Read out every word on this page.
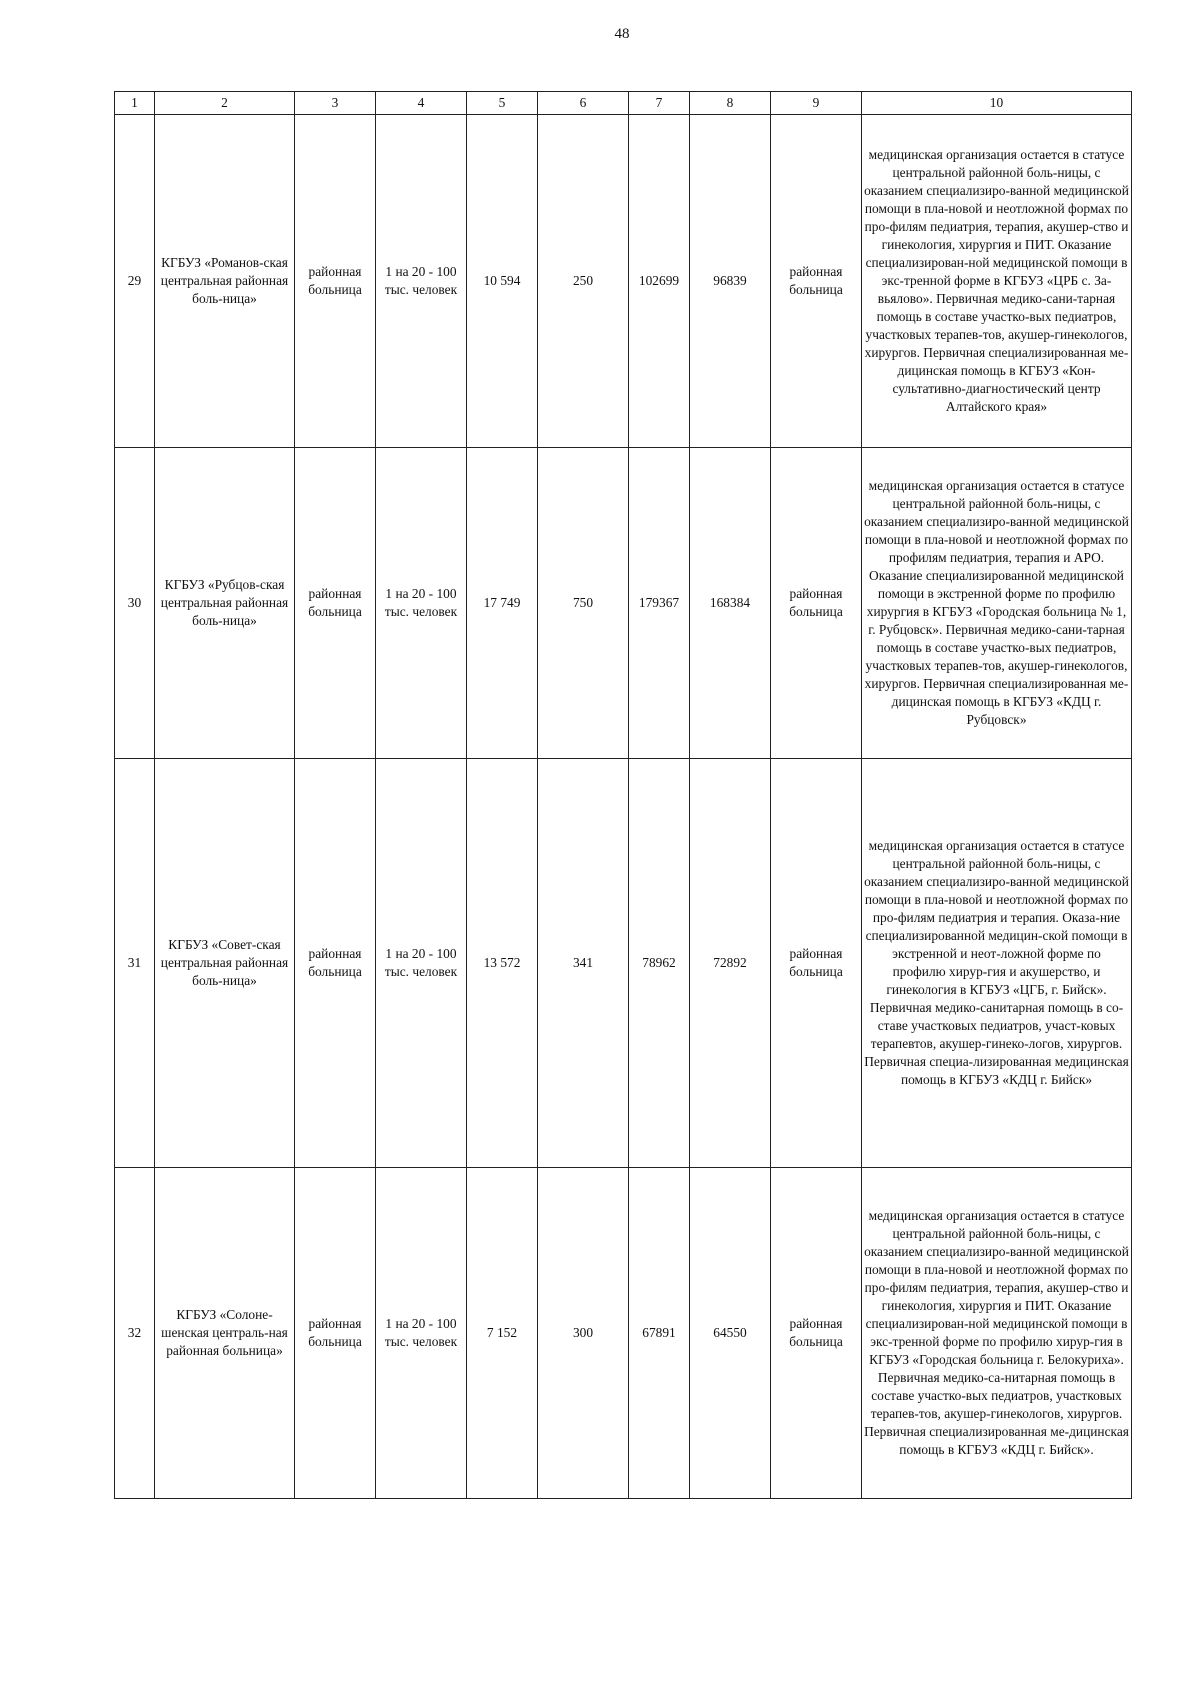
48
1	2	3	4	5	6	7	8	9	10
29	КГБУЗ «Романов-ская центральная районная боль-ница»	районная больница	1 на 20 - 100 тыс. человек	10 594	250	102699	96839	районная больница	медицинская организация остается в статусе центральной районной боль-ницы, с оказанием специализиро-ванной медицинской помощи в пла-новой и неотложной формах по про-филям педиатрия, терапия, акушер-ство и гинекология, хирургия и ПИТ. Оказание специализирован-ной медицинской помощи в экс-тренной форме в КГБУЗ «ЦРБ с. За-вьялово». Первичная медико-сани-тарная помощь в составе участко-вых педиатров, участковых терапев-тов, акушер-гинекологов, хирургов. Первичная специализированная ме-дицинская помощь в КГБУЗ «Кон-сультативно-диагностический центр Алтайского края»
30	КГБУЗ «Рубцов-ская центральная районная боль-ница»	районная больница	1 на 20 - 100 тыс. человек	17 749	750	179367	168384	районная больница	медицинская организация остается в статусе центральной районной боль-ницы, с оказанием специализиро-ванной медицинской помощи в пла-новой и неотложной формах по профилям педиатрия, терапия и АРО. Оказание специализированной медицинской помощи в экстренной форме по профилю хирургия в КГБУЗ «Городская больница № 1, г. Рубцовск». Первичная медико-сани-тарная помощь в составе участко-вых педиатров, участковых терапев-тов, акушер-гинекологов, хирургов. Первичная специализированная ме-дицинская помощь в КГБУЗ «КДЦ г. Рубцовск»
31	КГБУЗ «Совет-ская центральная районная боль-ница»	районная больница	1 на 20 - 100 тыс. человек	13 572	341	78962	72892	районная больница	медицинская организация остается в статусе центральной районной боль-ницы, с оказанием специализиро-ванной медицинской помощи в пла-новой и неотложной формах по про-филям педиатрия и терапия. Оказа-ние специализированной медицин-ской помощи в экстренной и неот-ложной форме по профилю хирур-гия и акушерство, и гинекология в КГБУЗ «ЦГБ, г. Бийск». Первичная медико-санитарная помощь в со-ставе участковых педиатров, участ-ковых терапевтов, акушер-гинеко-логов, хирургов. Первичная специа-лизированная медицинская помощь в КГБУЗ «КДЦ г. Бийск»
32	КГБУЗ «Солоне-шенская централь-ная районная больница»	районная больница	1 на 20 - 100 тыс. человек	7 152	300	67891	64550	районная больница	медицинская организация остается в статусе центральной районной боль-ницы, с оказанием специализиро-ванной медицинской помощи в пла-новой и неотложной формах по про-филям педиатрия, терапия, акушер-ство и гинекология, хирургия и ПИТ. Оказание специализирован-ной медицинской помощи в экс-тренной форме по профилю хирур-гия в КГБУЗ «Городская больница г. Белокуриха». Первичная медико-са-нитарная помощь в составе участко-вых педиатров, участковых терапев-тов, акушер-гинекологов, хирургов. Первичная специализированная ме-дицинская помощь в КГБУЗ «КДЦ г. Бийск».
